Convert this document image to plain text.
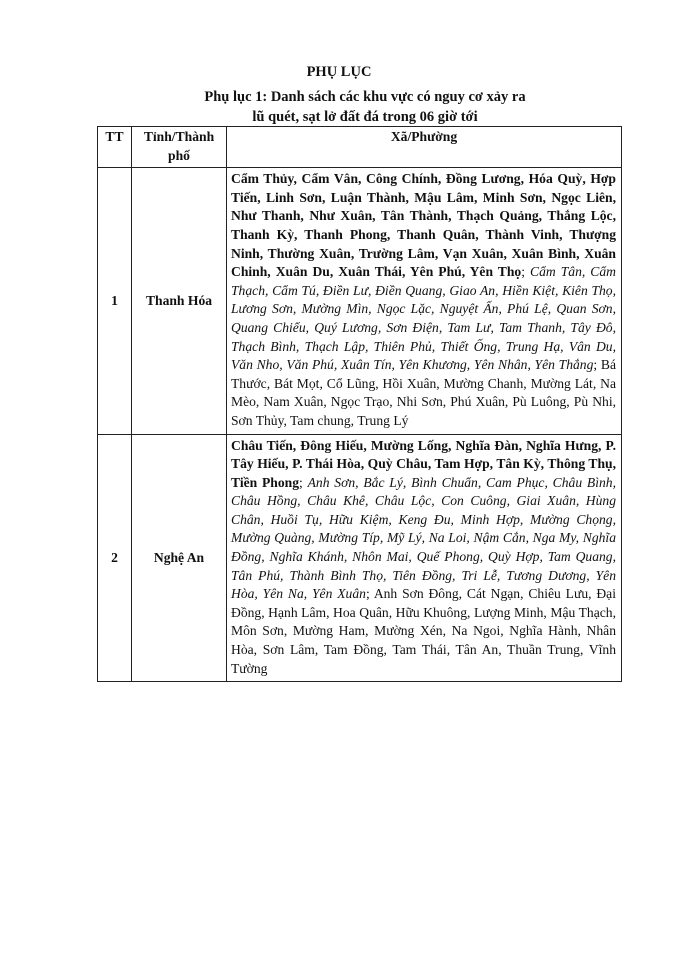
PHỤ LỤC
Phụ lục 1: Danh sách các khu vực có nguy cơ xảy ra
lũ quét, sạt lở đất đá trong 06 giờ tới
TT	Tỉnh/Thành phố	Xã/Phường
1	Thanh Hóa	Cẩm Thủy, Cẩm Vân, Công Chính, Đồng Lương, Hóa Quỳ, Hợp Tiến, Linh Sơn, Luận Thành, Mậu Lâm, Minh Sơn, Ngọc Liên, Như Thanh, Như Xuân, Tân Thành, Thạch Quảng, Thắng Lộc, Thanh Kỳ, Thanh Phong, Thanh Quân, Thành Vinh, Thượng Ninh, Thường Xuân, Trường Lâm, Vạn Xuân, Xuân Bình, Xuân Chinh, Xuân Du, Xuân Thái, Yên Phú, Yên Thọ; Cẩm Tân, Cẩm Thạch, Cẩm Tú, Điền Lư, Điền Quang, Giao An, Hiền Kiệt, Kiên Thọ, Lương Sơn, Mường Mìn, Ngọc Lặc, Nguyệt Ấn, Phú Lệ, Quan Sơn, Quang Chiểu, Quý Lương, Sơn Điện, Tam Lư, Tam Thanh, Tây Đô, Thạch Bình, Thạch Lập, Thiên Phủ, Thiết Ống, Trung Hạ, Vân Du, Văn Nho, Văn Phú, Xuân Tín, Yên Khương, Yên Nhân, Yên Thắng; Bá Thước, Bát Mọt, Cổ Lũng, Hồi Xuân, Mường Chanh, Mường Lát, Na Mèo, Nam Xuân, Ngọc Trạo, Nhi Sơn, Phú Xuân, Pù Luông, Pù Nhi, Sơn Thủy, Tam chung, Trung Lý
2	Nghệ An	Châu Tiến, Đông Hiếu, Mường Lống, Nghĩa Đàn, Nghĩa Hưng, P. Tây Hiếu, P. Thái Hòa, Quỳ Châu, Tam Hợp, Tân Kỳ, Thông Thụ, Tiền Phong; Anh Sơn, Bắc Lý, Bình Chuẩn, Cam Phục, Châu Bình, Châu Hồng, Châu Khê, Châu Lộc, Con Cuông, Giai Xuân, Hùng Chân, Huồi Tụ, Hữu Kiệm, Keng Đu, Minh Hợp, Mường Chọng, Mường Quàng, Mường Típ, Mỹ Lý, Na Loi, Nậm Cắn, Nga My, Nghĩa Đồng, Nghĩa Khánh, Nhôn Mai, Quế Phong, Quỳ Hợp, Tam Quang, Tân Phú, Thành Bình Thọ, Tiên Đồng, Tri Lễ, Tương Dương, Yên Hòa, Yên Na, Yên Xuân; Anh Sơn Đông, Cát Ngạn, Chiêu Lưu, Đại Đồng, Hạnh Lâm, Hoa Quân, Hữu Khuông, Lượng Minh, Mậu Thạch, Môn Sơn, Mường Ham, Mường Xén, Na Ngoi, Nghĩa Hành, Nhân Hòa, Sơn Lâm, Tam Đồng, Tam Thái, Tân An, Thuần Trung, Vĩnh Tường
